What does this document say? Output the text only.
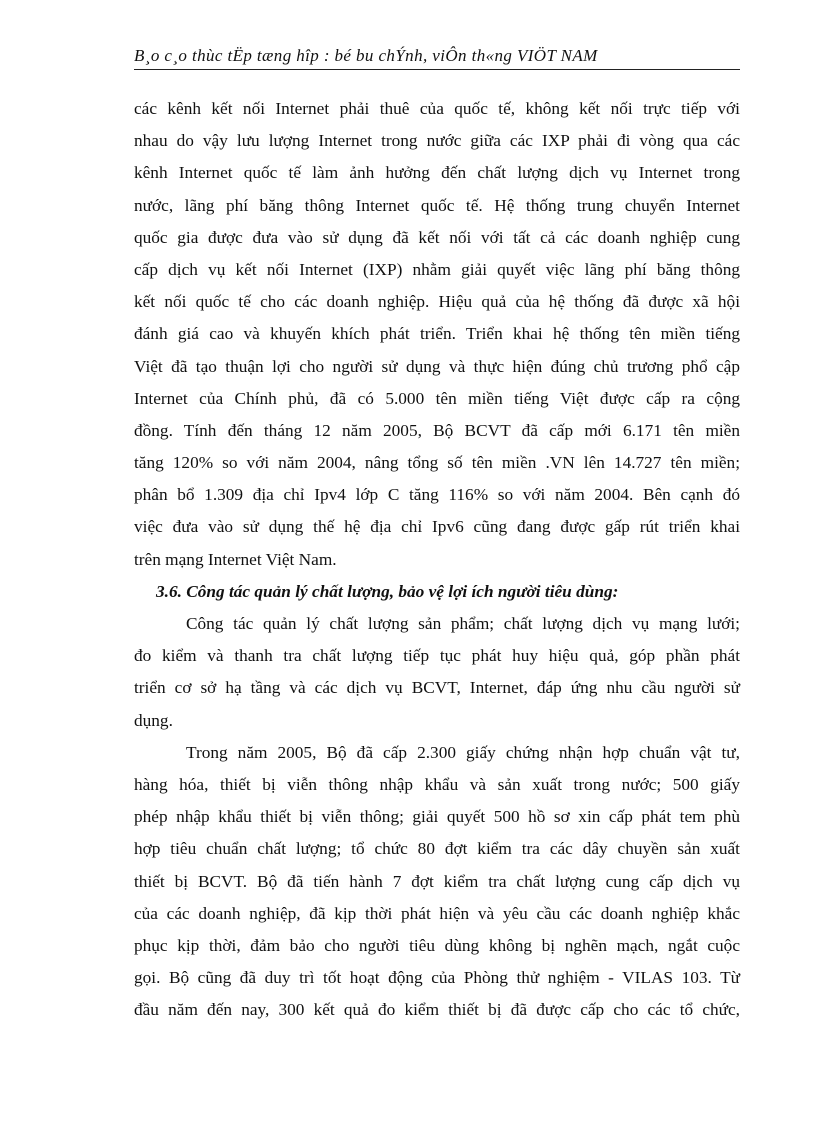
B¸o c¸o thùc tËp tæng hîp : bé bu chÝnh, viÔn th«ng VIÖT NAM
các kênh kết nối Internet phải thuê của quốc tế, không kết nối trực tiếp với
nhau do vậy lưu lượng Internet trong nước giữa các IXP phải đi vòng qua các
kênh Internet quốc tế làm ảnh hưởng đến chất lượng dịch vụ Internet trong
nước, lãng phí băng thông Internet quốc tế. Hệ thống trung chuyển Internet
quốc gia được đưa vào sử dụng đã kết nối với tất cả các doanh nghiệp cung
cấp dịch vụ kết nối Internet (IXP) nhằm giải quyết việc lãng phí băng thông
kết nối quốc tế cho các doanh nghiệp. Hiệu quả của hệ thống đã được xã hội
đánh giá cao và khuyến khích phát triển. Triển khai hệ thống tên miền tiếng
Việt đã tạo thuận lợi cho người sử dụng và thực hiện đúng chủ trương phổ cập
Internet của Chính phủ, đã có 5.000 tên miền tiếng Việt được cấp ra cộng
đồng. Tính đến tháng 12 năm 2005, Bộ BCVT đã cấp mới 6.171 tên miền
tăng 120% so với năm 2004, nâng tổng số tên miền .VN lên 14.727 tên miền;
phân bổ 1.309 địa chỉ Ipv4 lớp C tăng 116% so với năm 2004. Bên cạnh đó
việc đưa vào sử dụng thế hệ địa chỉ Ipv6 cũng đang được gấp rút triển khai
trên mạng Internet Việt Nam.
3.6. Công tác quản lý chất lượng, bảo vệ lợi ích người tiêu dùng:
Công tác quản lý chất lượng sản phẩm; chất lượng dịch vụ mạng lưới;
đo kiểm và thanh tra chất lượng tiếp tục phát huy hiệu quả, góp phần phát
triển cơ sở hạ tầng và các dịch vụ BCVT, Internet, đáp ứng nhu cầu người sử
dụng.
Trong năm 2005, Bộ đã cấp 2.300 giấy chứng nhận hợp chuẩn vật tư,
hàng hóa, thiết bị viễn thông nhập khẩu và sản xuất trong nước; 500 giấy
phép nhập khẩu thiết bị viễn thông; giải quyết 500 hồ sơ xin cấp phát tem phù
hợp tiêu chuẩn chất lượng; tổ chức 80 đợt kiểm tra các dây chuyền sản xuất
thiết bị BCVT. Bộ đã tiến hành 7 đợt kiểm tra chất lượng cung cấp dịch vụ
của các doanh nghiệp, đã kịp thời phát hiện và yêu cầu các doanh nghiệp khắc
phục kịp thời, đảm bảo cho người tiêu dùng không bị nghẽn mạch, ngắt cuộc
gọi. Bộ cũng đã duy trì tốt hoạt động của Phòng thử nghiệm - VILAS 103. Từ
đầu năm đến nay, 300 kết quả đo kiểm thiết bị đã được cấp cho các tổ chức,
